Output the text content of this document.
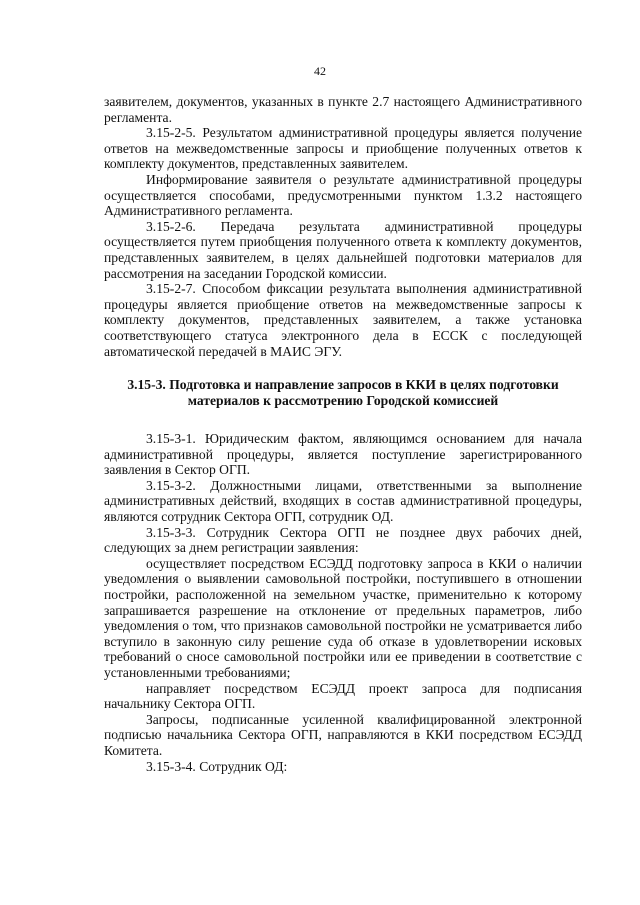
42

заявителем, документов, указанных в пункте 2.7 настоящего Административного регламента.

3.15-2-5. Результатом административной процедуры является получение ответов на межведомственные запросы и приобщение полученных ответов к комплекту документов, представленных заявителем.

Информирование заявителя о результате административной процедуры осуществляется способами, предусмотренными пунктом 1.3.2 настоящего Административного регламента.

3.15-2-6. Передача результата административной процедуры осуществляется путем приобщения полученного ответа к комплекту документов, представленных заявителем, в целях дальнейшей подготовки материалов для рассмотрения на заседании Городской комиссии.

3.15-2-7. Способом фиксации результата выполнения административной процедуры является приобщение ответов на межведомственные запросы к комплекту документов, представленных заявителем, а также установка соответствующего статуса электронного дела в ЕССК с последующей автоматической передачей в МАИС ЭГУ.

3.15-3. Подготовка и направление запросов в ККИ в целях подготовки
материалов к рассмотрению Городской комиссией

3.15-3-1. Юридическим фактом, являющимся основанием для начала административной процедуры, является поступление зарегистрированного заявления в Сектор ОГП.

3.15-3-2. Должностными лицами, ответственными за выполнение административных действий, входящих в состав административной процедуры, являются сотрудник Сектора ОГП, сотрудник ОД.

3.15-3-3. Сотрудник Сектора ОГП не позднее двух рабочих дней, следующих за днем регистрации заявления:

осуществляет посредством ЕСЭДД подготовку запроса в ККИ о наличии уведомления о выявлении самовольной постройки, поступившего в отношении постройки, расположенной на земельном участке, применительно к которому запрашивается разрешение на отклонение от предельных параметров, либо уведомления о том, что признаков самовольной постройки не усматривается либо вступило в законную силу решение суда об отказе в удовлетворении исковых требований о сносе самовольной постройки или ее приведении в соответствие с установленными требованиями;

направляет посредством ЕСЭДД проект запроса для подписания начальнику Сектора ОГП.

Запросы, подписанные усиленной квалифицированной электронной подписью начальника Сектора ОГП, направляются в ККИ посредством ЕСЭДД Комитета.

3.15-3-4. Сотрудник ОД:
